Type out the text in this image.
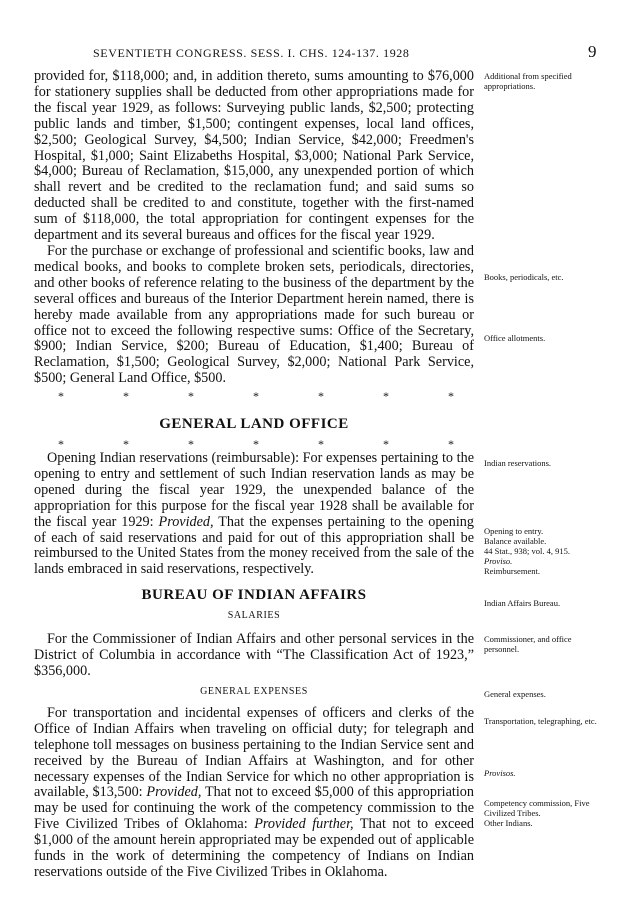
SEVENTIETH CONGRESS. SESS. I. CHS. 124-137. 1928	9

provided for, $118,000; and, in addition thereto, sums amounting to $76,000 for stationery supplies shall be deducted from other appropriations made for the fiscal year 1929, as follows: Surveying public lands, $2,500; protecting public lands and timber, $1,500; contingent expenses, local land offices, $2,500; Geological Survey, $4,500; Indian Service, $42,000; Freedmen's Hospital, $1,000; Saint Elizabeths Hospital, $3,000; National Park Service, $4,000; Bureau of Reclamation, $15,000, any unexpended portion of which shall revert and be credited to the reclamation fund; and said sums so deducted shall be credited to and constitute, together with the first-named sum of $118,000, the total appropriation for contingent expenses for the department and its several bureaus and offices for the fiscal year 1929.

For the purchase or exchange of professional and scientific books, law and medical books, and books to complete broken sets, periodicals, directories, and other books of reference relating to the business of the department by the several offices and bureaus of the Interior Department herein named, there is hereby made available from any appropriations made for such bureau or office not to exceed the following respective sums: Office of the Secretary, $900; Indian Service, $200; Bureau of Education, $1,400; Bureau of Reclamation, $1,500; Geological Survey, $2,000; National Park Service, $500; General Land Office, $500.

*	*	*	*	*	*	*
GENERAL LAND OFFICE
*	*	*	*	*	*	*

Opening Indian reservations (reimbursable): For expenses pertaining to the opening to entry and settlement of such Indian reservation lands as may be opened during the fiscal year 1929, the unexpended balance of the appropriation for this purpose for the fiscal year 1928 shall be available for the fiscal year 1929: Provided, That the expenses pertaining to the opening of each of said reservations and paid for out of this appropriation shall be reimbursed to the United States from the money received from the sale of the lands embraced in said reservations, respectively.

BUREAU OF INDIAN AFFAIRS
SALARIES

For the Commissioner of Indian Affairs and other personal services in the District of Columbia in accordance with “The Classification Act of 1923,” $356,000.

GENERAL EXPENSES

For transportation and incidental expenses of officers and clerks of the Office of Indian Affairs when traveling on official duty; for telegraph and telephone toll messages on business pertaining to the Indian Service sent and received by the Bureau of Indian Affairs at Washington, and for other necessary expenses of the Indian Service for which no other appropriation is available, $13,500: Provided, That not to exceed $5,000 of this appropriation may be used for continuing the work of the competency commission to the Five Civilized Tribes of Oklahoma: Provided further, That not to exceed $1,000 of the amount herein appropriated may be expended out of applicable funds in the work of determining the competency of Indians on Indian reservations outside of the Five Civilized Tribes in Oklahoma.

Additional from specified appropriations.
Books, periodicals, etc.
Office allotments.
Indian reservations.
Opening to entry.
Balance available.
44 Stat., 938; vol. 4, 915.
Proviso.
Reimbursement.
Indian Affairs Bureau.
Commissioner, and office personnel.
General expenses.
Transportation, telegraphing, etc.
Provisos.
Competency commission, Five Civilized Tribes.
Other Indians.
